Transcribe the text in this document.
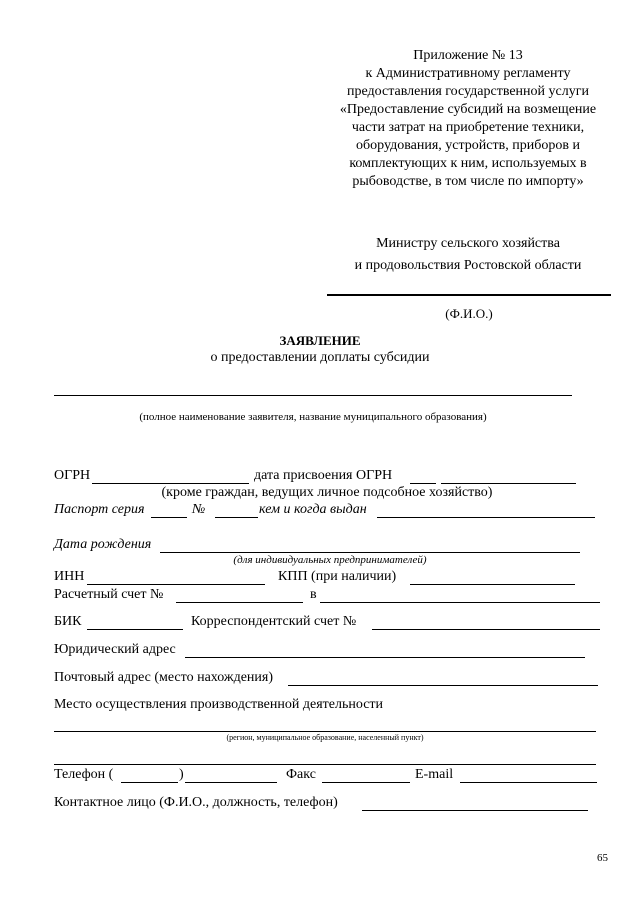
Приложение № 13
к Административному регламенту
предоставления государственной услуги
«Предоставление субсидий на возмещение
части затрат на приобретение техники,
оборудования, устройств, приборов и
комплектующих к ним, используемых в
рыбоводстве, в том числе по импорту»
Министру сельского хозяйства
и продовольствия Ростовской области
(Ф.И.О.)
ЗАЯВЛЕНИЕ
о предоставлении доплаты субсидии
(полное наименование заявителя, название муниципального образования)
ОГРН	дата присвоения ОГРН
(кроме граждан, ведущих личное подсобное хозяйство)
Паспорт серия	№	кем и когда выдан
Дата рождения
(для индивидуальных предпринимателей)
ИНН	КПП (при наличии)
Расчетный счет №	в
БИК	Корреспондентский счет №
Юридический адрес
Почтовый адрес (место нахождения)
Место осуществления производственной деятельности
(регион, муниципальное образование, населенный пункт)
Телефон (	)	Факс	E-mail
Контактное лицо (Ф.И.О., должность, телефон)
65
